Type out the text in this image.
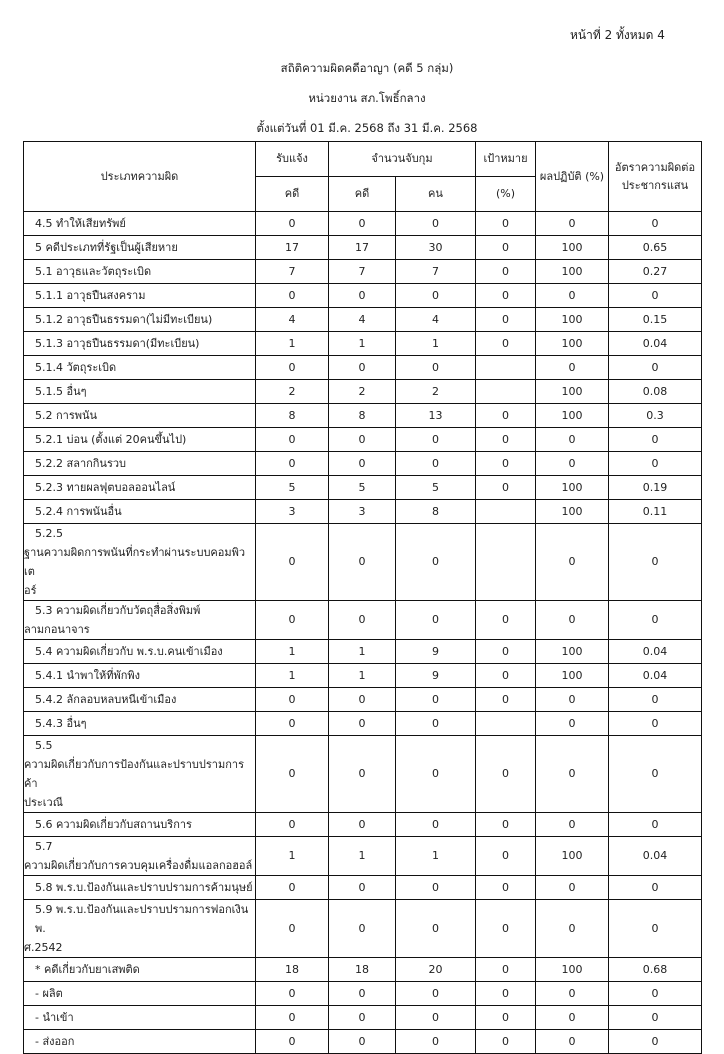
หน้าที่ 2 ทั้งหมด 4
สถิติความผิดคดีอาญา (คดี 5 กลุ่ม)
หน่วยงาน สภ.โพธิ์กลาง
ตั้งแต่วันที่ 01 มี.ค. 2568 ถึง 31 มี.ค. 2568
ประเภทความผิด	รับแจ้ง	จำนวนจับกุม		เป้าหมาย	ผลปฏิบัติ (%)	อัตราความผิดต่อ
ประชากรแสน

	คดี	คดี	คน	(%)		
4.5 ทำให้เสียทรัพย์	0	0	0	0	0	0
5 คดีประเภทที่รัฐเป็นผู้เสียหาย	17	17	30	0	100	0.65
5.1 อาวุธและวัตถุระเบิด	7	7	7	0	100	0.27
5.1.1 อาวุธปืนสงคราม	0	0	0	0	0	0
5.1.2 อาวุธปืนธรรมดา(ไม่มีทะเบียน)	4	4	4	0	100	0.15
5.1.3 อาวุธปืนธรรมดา(มีทะเบียน)	1	1	1	0	100	0.04
5.1.4 วัตถุระเบิด	0	0	0		0	0
5.1.5 อื่นๆ	2	2	2		100	0.08
5.2 การพนัน	8	8	13	0	100	0.3
5.2.1 บ่อน (ตั้งแต่ 20คนขึ้นไป)	0	0	0	0	0	0
5.2.2 สลากกินรวบ	0	0	0	0	0	0
5.2.3 ทายผลฟุตบอลออนไลน์	5	5	5	0	100	0.19
5.2.4 การพนันอื่น	3	3	8		100	0.11

5.2.5
ฐานความผิดการพนันที่กระทำผ่านระบบคอมพิวเต
อร์	0	0	0		0	0

5.3 ความผิดเกี่ยวกับวัตถุสื่อสิ่งพิมพ์
ลามกอนาจาร	0	0	0	0	0	0
5.4 ความผิดเกี่ยวกับ พ.ร.บ.คนเข้าเมือง	1	1	9	0	100	0.04
5.4.1 นำพาให้ที่พักพิง	1	1	9	0	100	0.04
5.4.2 ลักลอบหลบหนีเข้าเมือง	0	0	0	0	0	0
5.4.3 อื่นๆ	0	0	0		0	0

5.5
ความผิดเกี่ยวกับการป้องกันและปราบปรามการค้า
ประเวณี	0	0	0	0	0	0
5.6 ความผิดเกี่ยวกับสถานบริการ	0	0	0	0	0	0

5.7
ความผิดเกี่ยวกับการควบคุมเครื่องดื่มแอลกอฮอล์	1	1	1	0	100	0.04
5.8 พ.ร.บ.ป้องกันและปราบปรามการค้ามนุษย์	0	0	0	0	0	0

5.9 พ.ร.บ.ป้องกันและปราบปรามการฟอกเงิน พ.
ศ.2542	0	0	0	0	0	0
* คดีเกี่ยวกับยาเสพติด	18	18	20	0	100	0.68
- ผลิต	0	0	0	0	0	0
- นำเข้า	0	0	0	0	0	0
- ส่งออก	0	0	0	0	0	0
